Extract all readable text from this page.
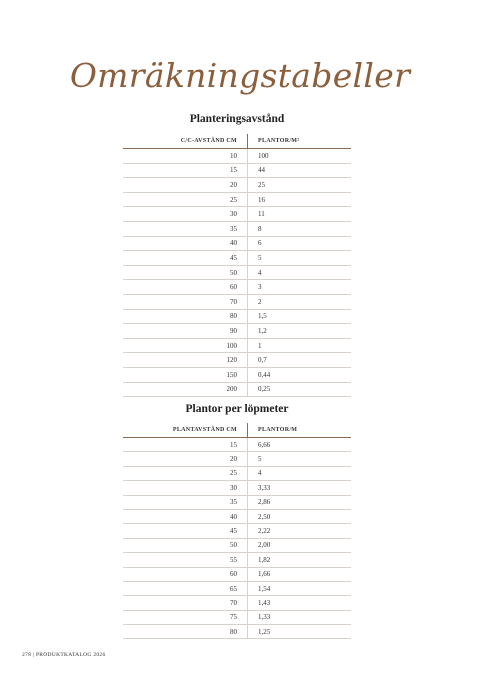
Omräkningstabeller
Planteringsavstånd
C/C-AVSTÅND CM	PLANTOR/M²
10	100
15	44
20	25
25	16
30	11
35	8
40	6
45	5
50	4
60	3
70	2
80	1,5
90	1,2
100	1
120	0,7
150	0,44
200	0,25
Plantor per löpmeter
PLANTAVSTÅND CM	PLANTOR/M
15	6,66
20	5
25	4
30	3,33
35	2,86
40	2,50
45	2,22
50	2,00
55	1,82
60	1,66
65	1,54
70	1,43
75	1,33
80	1,25
278 | PRODUKTKATALOG 2026
